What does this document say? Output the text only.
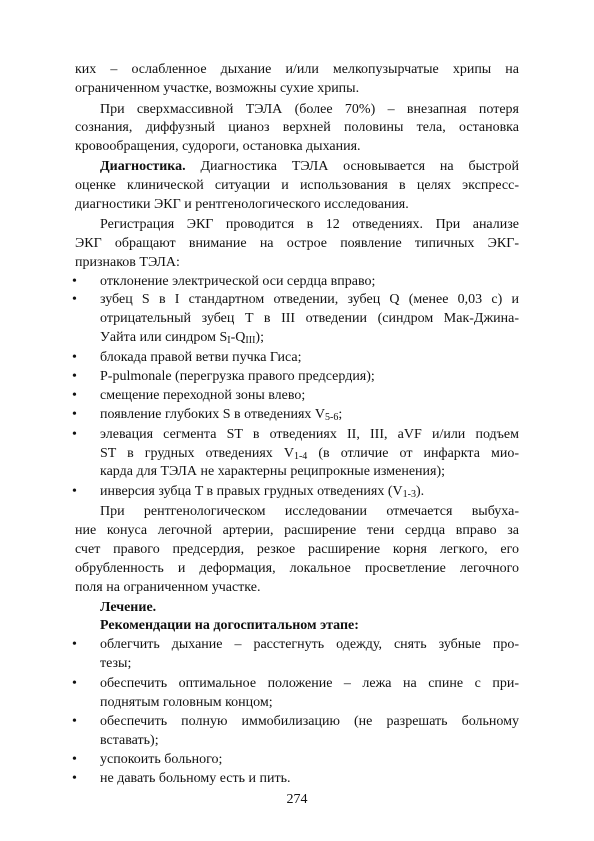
ких – ослабленное дыхание и/или мелкопузырчатые хрипы на
ограниченном участке, возможны сухие хрипы.
При сверхмассивной ТЭЛА (более 70%) – внезапная потеря
сознания, диффузный цианоз верхней половины тела, остановка
кровообращения, судороги, остановка дыхания.
Диагностика. Диагностика ТЭЛА основывается на быстрой
оценке клинической ситуации и использования в целях экспресс-
диагностики ЭКГ и рентгенологического исследования.
Регистрация ЭКГ проводится в 12 отведениях. При анализе
ЭКГ обращают внимание на острое появление типичных ЭКГ-
признаков ТЭЛА:
•	отклонение электрической оси сердца вправо;
•	зубец S в I стандартном отведении, зубец Q (менее 0,03 с) и
отрицательный зубец T в III отведении (синдром Мак-Джина-
Уайта или синдром $S_I-Q_{III}$);
•	блокада правой ветви пучка Гиса;
•	P-pulmonale (перегрузка правого предсердия);
•	смещение переходной зоны влево;
•	появление глубоких S в отведениях $V_{5-6}$;
•	элевация сегмента ST в отведениях II, III, aVF и/или подъем
ST в грудных отведениях $V_{1-4}$ (в отличие от инфаркта мио-
карда для ТЭЛА не характерны реципрокные изменения);
•	инверсия зубца T в правых грудных отведениях $(V_{1-3})$.
При рентгенологическом исследовании отмечается выбуха-
ние конуса легочной артерии, расширение тени сердца вправо за
счет правого предсердия, резкое расширение корня легкого, его
обрубленность и деформация, локальное просветление легочного
поля на ограниченном участке.
Лечение.
Рекомендации на догоспитальном этапе:
•	облегчить дыхание – расстегнуть одежду, снять зубные про-
тезы;
•	обеспечить оптимальное положение – лежа на спине с при-
поднятым головным концом;
•	обеспечить полную иммобилизацию (не разрешать больному
вставать);
•	успокоить больного;
•	не давать больному есть и пить.
274
